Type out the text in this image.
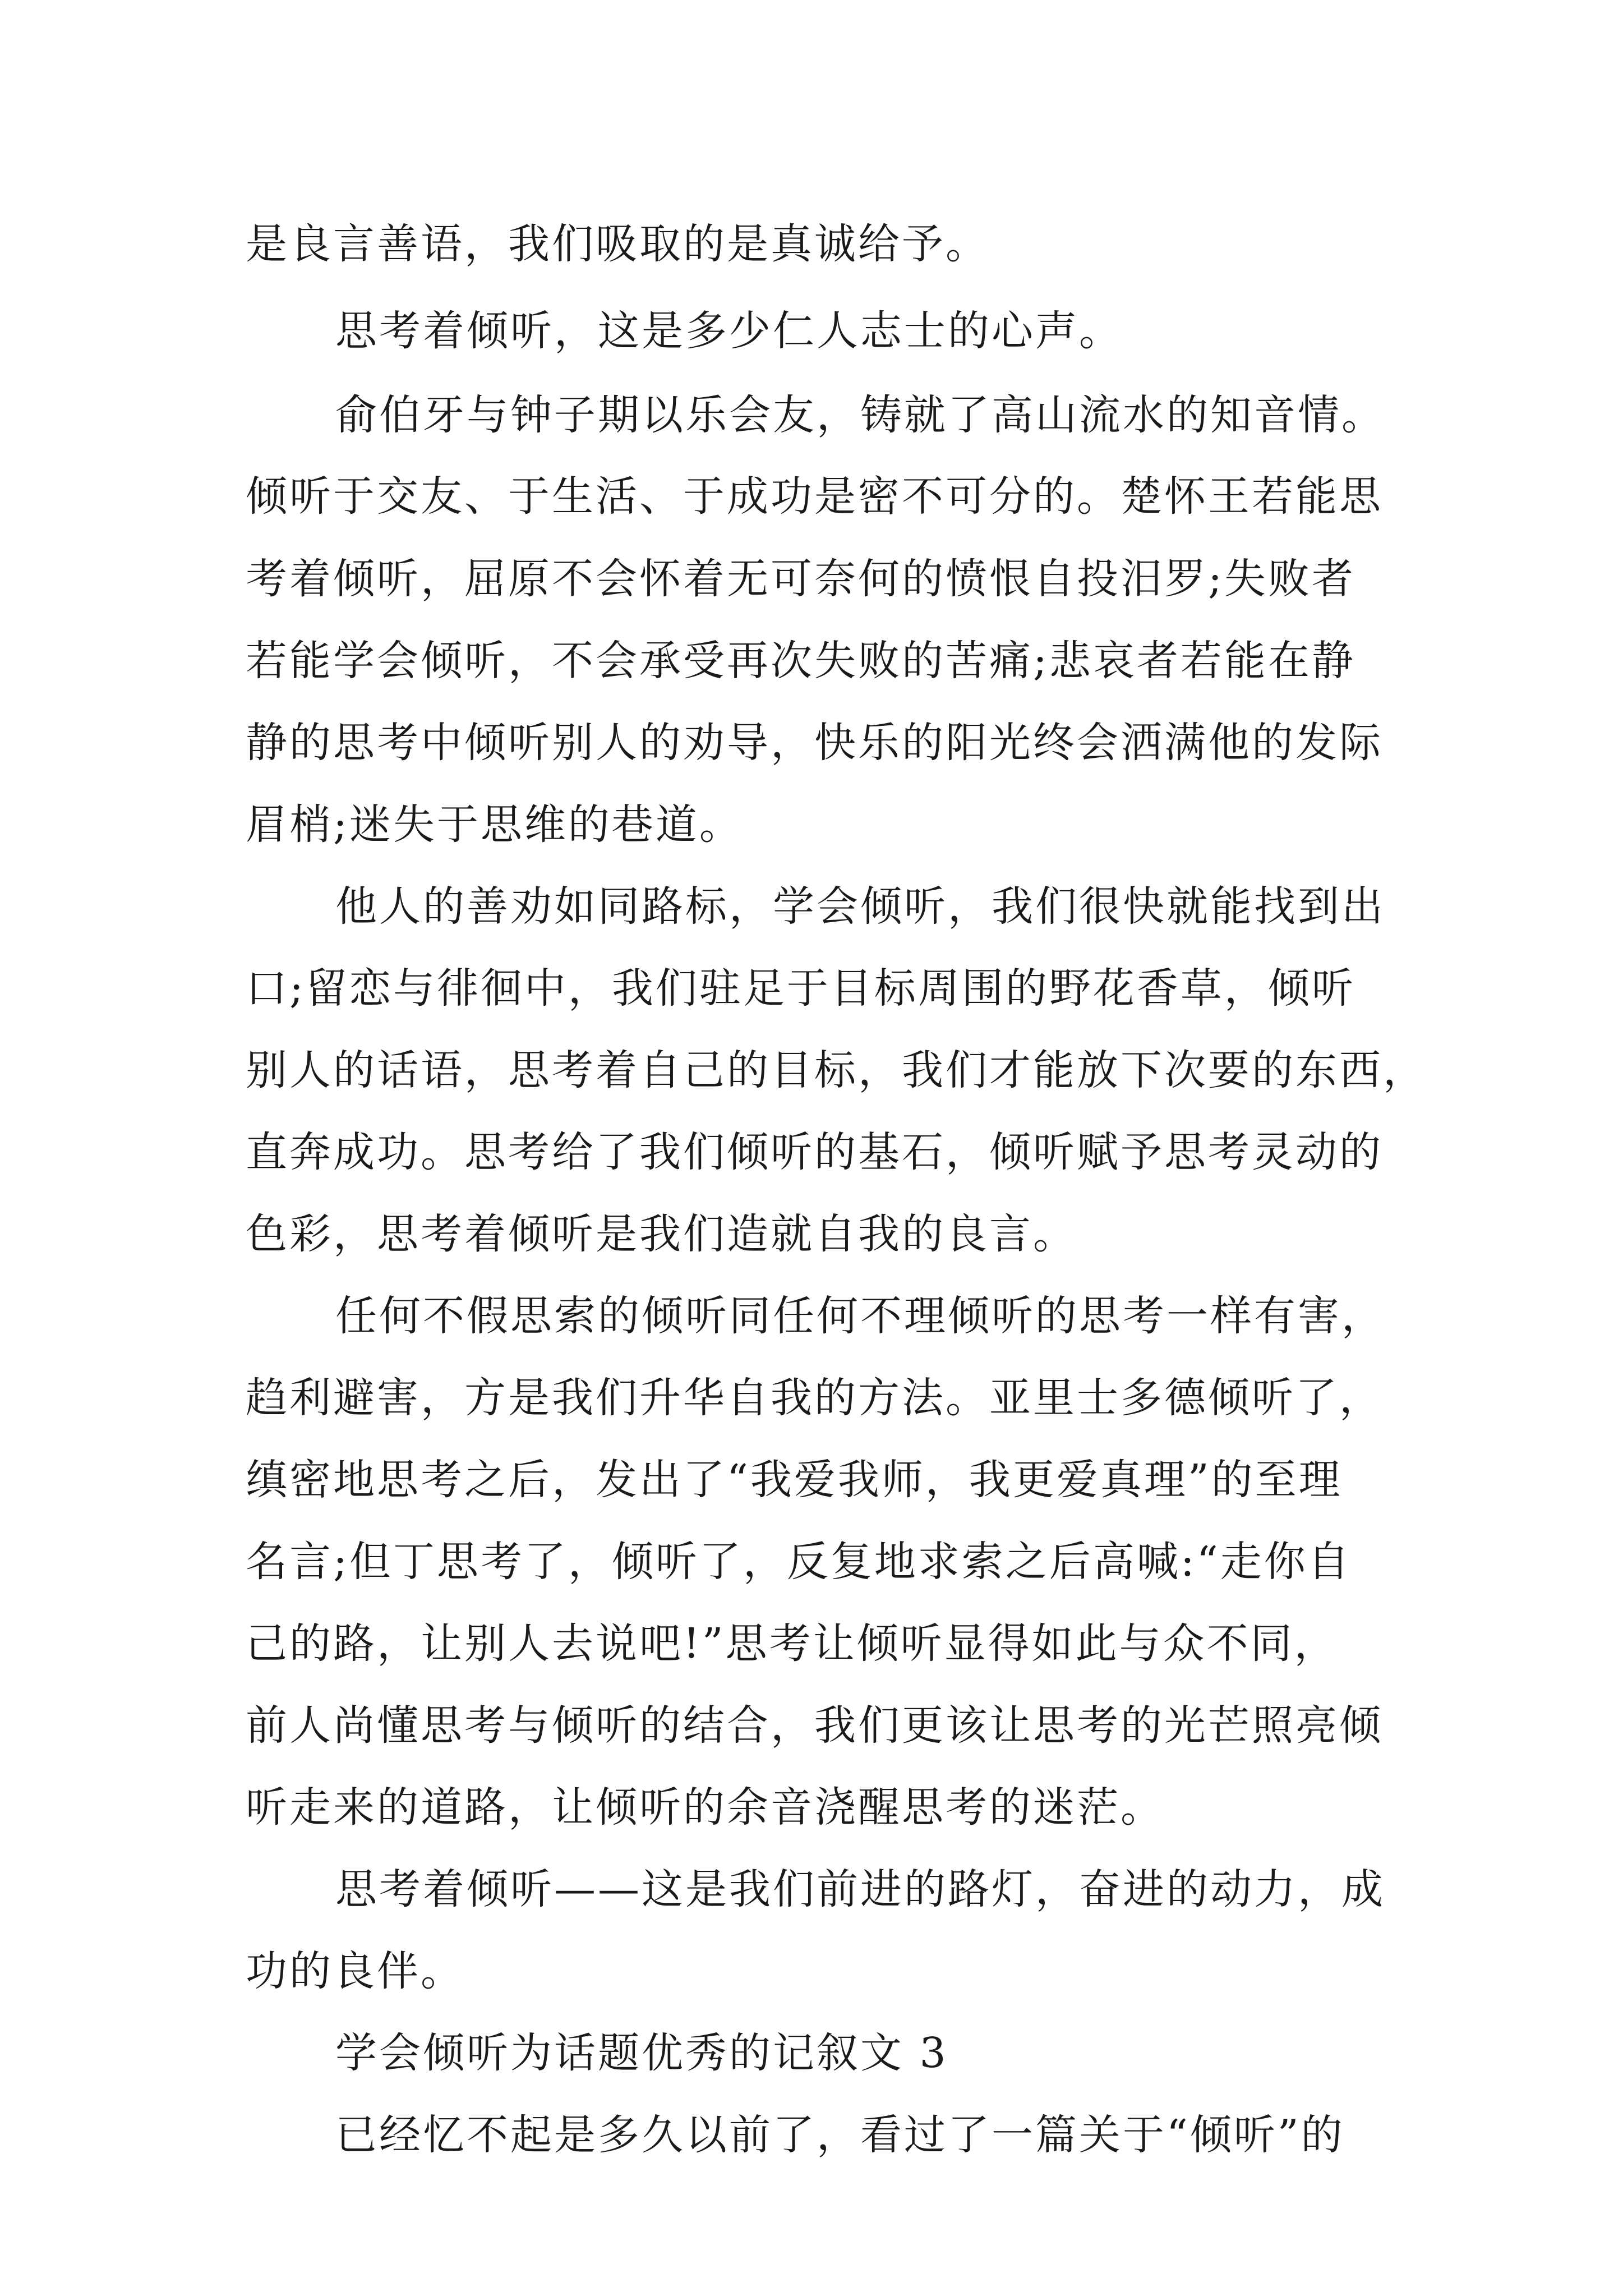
是良言善语，我们吸取的是真诚给予。
思考着倾听，这是多少仁人志士的心声。
俞伯牙与钟子期以乐会友，铸就了高山流水的知音情。
倾听于交友、于生活、于成功是密不可分的。楚怀王若能思
考着倾听，屈原不会怀着无可奈何的愤恨自投汨罗;失败者
若能学会倾听，不会承受再次失败的苦痛;悲哀者若能在静
静的思考中倾听别人的劝导，快乐的阳光终会洒满他的发际
眉梢;迷失于思维的巷道。
他人的善劝如同路标，学会倾听，我们很快就能找到出
口;留恋与徘徊中，我们驻足于目标周围的野花香草，倾听
别人的话语，思考着自己的目标，我们才能放下次要的东西，
直奔成功。思考给了我们倾听的基石，倾听赋予思考灵动的
色彩，思考着倾听是我们造就自我的良言。
任何不假思索的倾听同任何不理倾听的思考一样有害，
趋利避害，方是我们升华自我的方法。亚里士多德倾听了，
缜密地思考之后，发出了“我爱我师，我更爱真理”的至理
名言;但丁思考了，倾听了，反复地求索之后高喊:“走你自
己的路，让别人去说吧!”思考让倾听显得如此与众不同，
前人尚懂思考与倾听的结合，我们更该让思考的光芒照亮倾
听走来的道路，让倾听的余音浇醒思考的迷茫。
思考着倾听——这是我们前进的路灯，奋进的动力，成
功的良伴。
学会倾听为话题优秀的记叙文 3
已经忆不起是多久以前了，看过了一篇关于“倾听”的
